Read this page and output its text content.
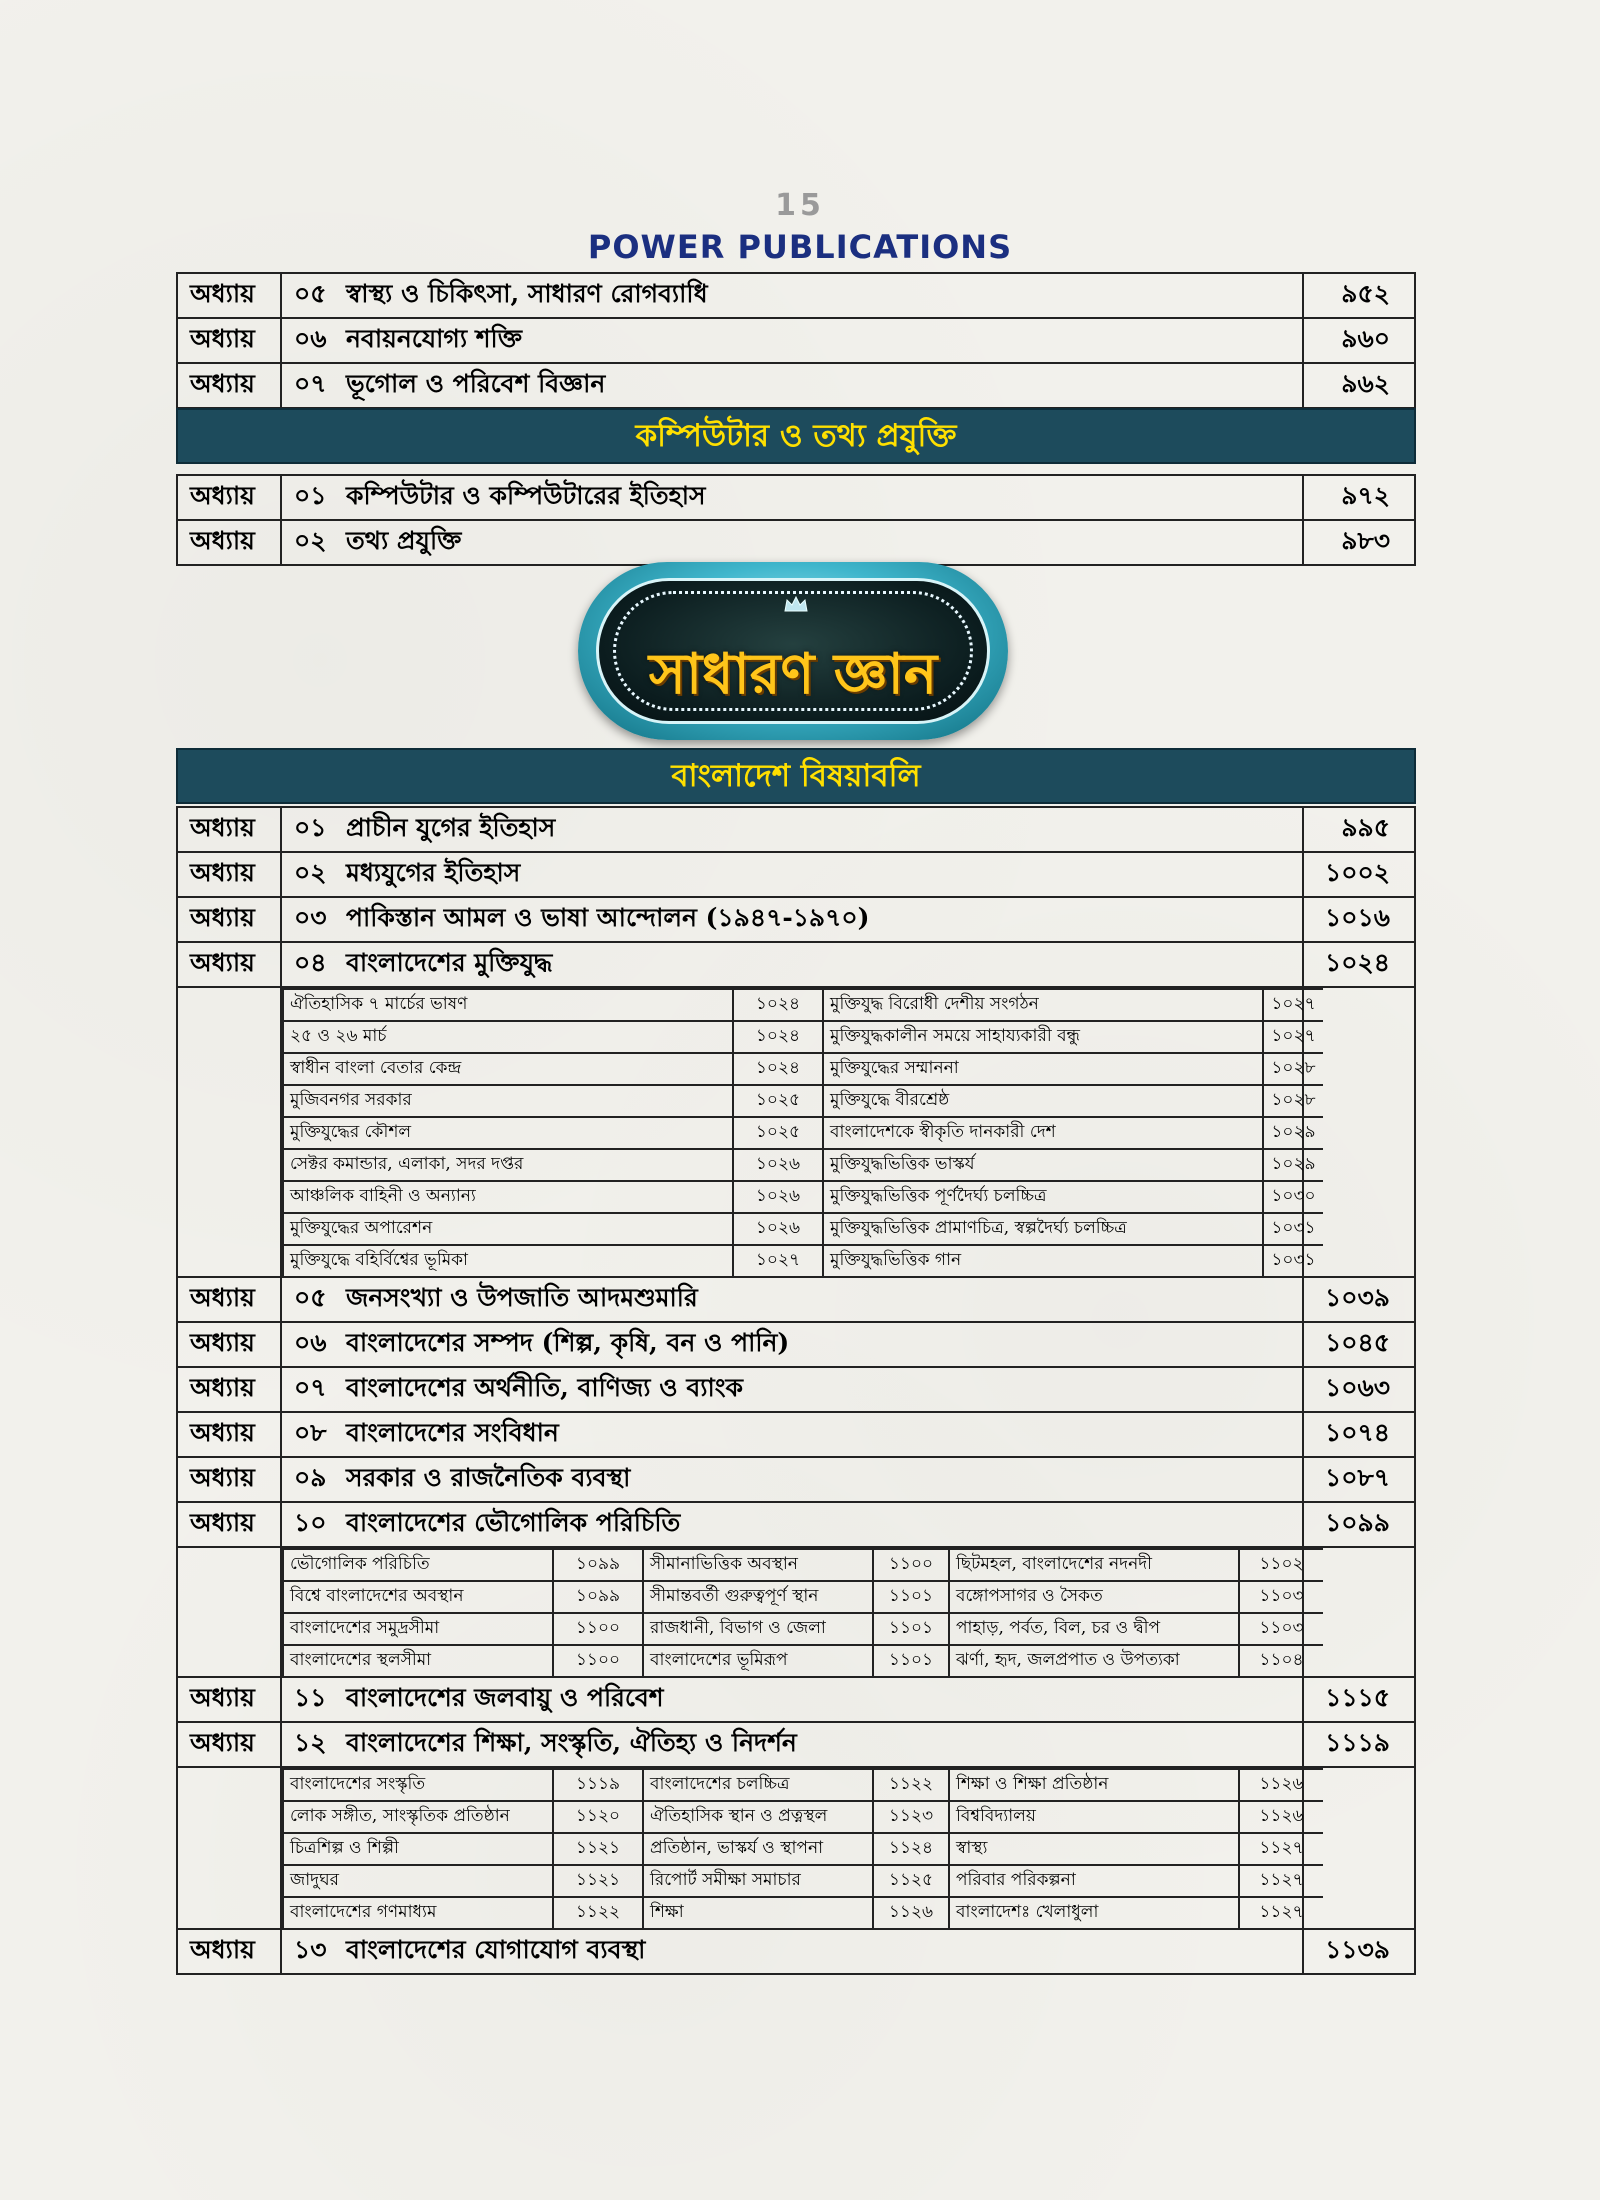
15
POWER PUBLICATIONS
অধ্যায়	০৫ স্বাস্থ্য ও চিকিৎসা, সাধারণ রোগব্যাধি	৯৫২
অধ্যায়	০৬ নবায়নযোগ্য শক্তি	৯৬০
অধ্যায়	০৭ ভূগোল ও পরিবেশ বিজ্ঞান	৯৬২
কম্পিউটার ও তথ্য প্রযুক্তি
অধ্যায়	০১ কম্পিউটার ও কম্পিউটারের ইতিহাস	৯৭২
অধ্যায়	০২ তথ্য প্রযুক্তি	৯৮৩
সাধারণ জ্ঞান
বাংলাদেশ বিষয়াবলি
অধ্যায়	০১ প্রাচীন যুগের ইতিহাস	৯৯৫
অধ্যায়	০২ মধ্যযুগের ইতিহাস	১০০২
অধ্যায়	০৩ পাকিস্তান আমল ও ভাষা আন্দোলন (১৯৪৭-১৯৭০)	১০১৬
অধ্যায়	০৪ বাংলাদেশের মুক্তিযুদ্ধ	১০২৪

ঐতিহাসিক ৭ মার্চের ভাষণ	১০২৪	মুক্তিযুদ্ধ বিরোধী দেশীয় সংগঠন	১০২৭
২৫ ও ২৬ মার্চ	১০২৪	মুক্তিযুদ্ধকালীন সময়ে সাহায্যকারী বন্ধু	১০২৭
স্বাধীন বাংলা বেতার কেন্দ্র	১০২৪	মুক্তিযুদ্ধের সম্মাননা	১০২৮
মুজিবনগর সরকার	১০২৫	মুক্তিযুদ্ধে বীরশ্রেষ্ঠ	১০২৮
মুক্তিযুদ্ধের কৌশল	১০২৫	বাংলাদেশকে স্বীকৃতি দানকারী দেশ	১০২৯
সেক্টর কমান্ডার, এলাকা, সদর দপ্তর	১০২৬	মুক্তিযুদ্ধভিত্তিক ভাস্কর্য	১০২৯
আঞ্চলিক বাহিনী ও অন্যান্য	১০২৬	মুক্তিযুদ্ধভিত্তিক পূর্ণদৈর্ঘ্য চলচ্চিত্র	১০৩০
মুক্তিযুদ্ধের অপারেশন	১০২৬	মুক্তিযুদ্ধভিত্তিক প্রামাণচিত্র, স্বল্পদৈর্ঘ্য চলচ্চিত্র	১০৩১
মুক্তিযুদ্ধে বহির্বিশ্বের ভূমিকা	১০২৭	মুক্তিযুদ্ধভিত্তিক গান	১০৩১

অধ্যায়	০৫ জনসংখ্যা ও উপজাতি আদমশুমারি	১০৩৯
অধ্যায়	০৬ বাংলাদেশের সম্পদ (শিল্প, কৃষি, বন ও পানি)	১০৪৫
অধ্যায়	০৭ বাংলাদেশের অর্থনীতি, বাণিজ্য ও ব্যাংক	১০৬৩
অধ্যায়	০৮ বাংলাদেশের সংবিধান	১০৭৪
অধ্যায়	০৯ সরকার ও রাজনৈতিক ব্যবস্থা	১০৮৭
অধ্যায়	১০ বাংলাদেশের ভৌগোলিক পরিচিতি	১০৯৯

ভৌগোলিক পরিচিতি	১০৯৯	সীমানাভিত্তিক অবস্থান	১১০০	ছিটমহল, বাংলাদেশের নদনদী	১১০২
বিশ্বে বাংলাদেশের অবস্থান	১০৯৯	সীমান্তবর্তী গুরুত্বপূর্ণ স্থান	১১০১	বঙ্গোপসাগর ও সৈকত	১১০৩
বাংলাদেশের সমুদ্রসীমা	১১০০	রাজধানী, বিভাগ ও জেলা	১১০১	পাহাড়, পর্বত, বিল, চর ও দ্বীপ	১১০৩
বাংলাদেশের স্থলসীমা	১১০০	বাংলাদেশের ভূমিরূপ	১১০১	ঝর্ণা, হৃদ, জলপ্রপাত ও উপত্যকা	১১০৪

অধ্যায়	১১ বাংলাদেশের জলবায়ু ও পরিবেশ	১১১৫
অধ্যায়	১২ বাংলাদেশের শিক্ষা, সংস্কৃতি, ঐতিহ্য ও নিদর্শন	১১১৯

বাংলাদেশের সংস্কৃতি	১১১৯	বাংলাদেশের চলচ্চিত্র	১১২২	শিক্ষা ও শিক্ষা প্রতিষ্ঠান	১১২৬
লোক সঙ্গীত, সাংস্কৃতিক প্রতিষ্ঠান	১১২০	ঐতিহাসিক স্থান ও প্রত্নস্থল	১১২৩	বিশ্ববিদ্যালয়	১১২৬
চিত্রশিল্প ও শিল্পী	১১২১	প্রতিষ্ঠান, ভাস্কর্য ও স্থাপনা	১১২৪	স্বাস্থ্য	১১২৭
জাদুঘর	১১২১	রিপোর্ট সমীক্ষা সমাচার	১১২৫	পরিবার পরিকল্পনা	১১২৭
বাংলাদেশের গণমাধ্যম	১১২২	শিক্ষা	১১২৬	বাংলাদেশঃ খেলাধুলা	১১২৭

অধ্যায়	১৩ বাংলাদেশের যোগাযোগ ব্যবস্থা	১১৩৯
